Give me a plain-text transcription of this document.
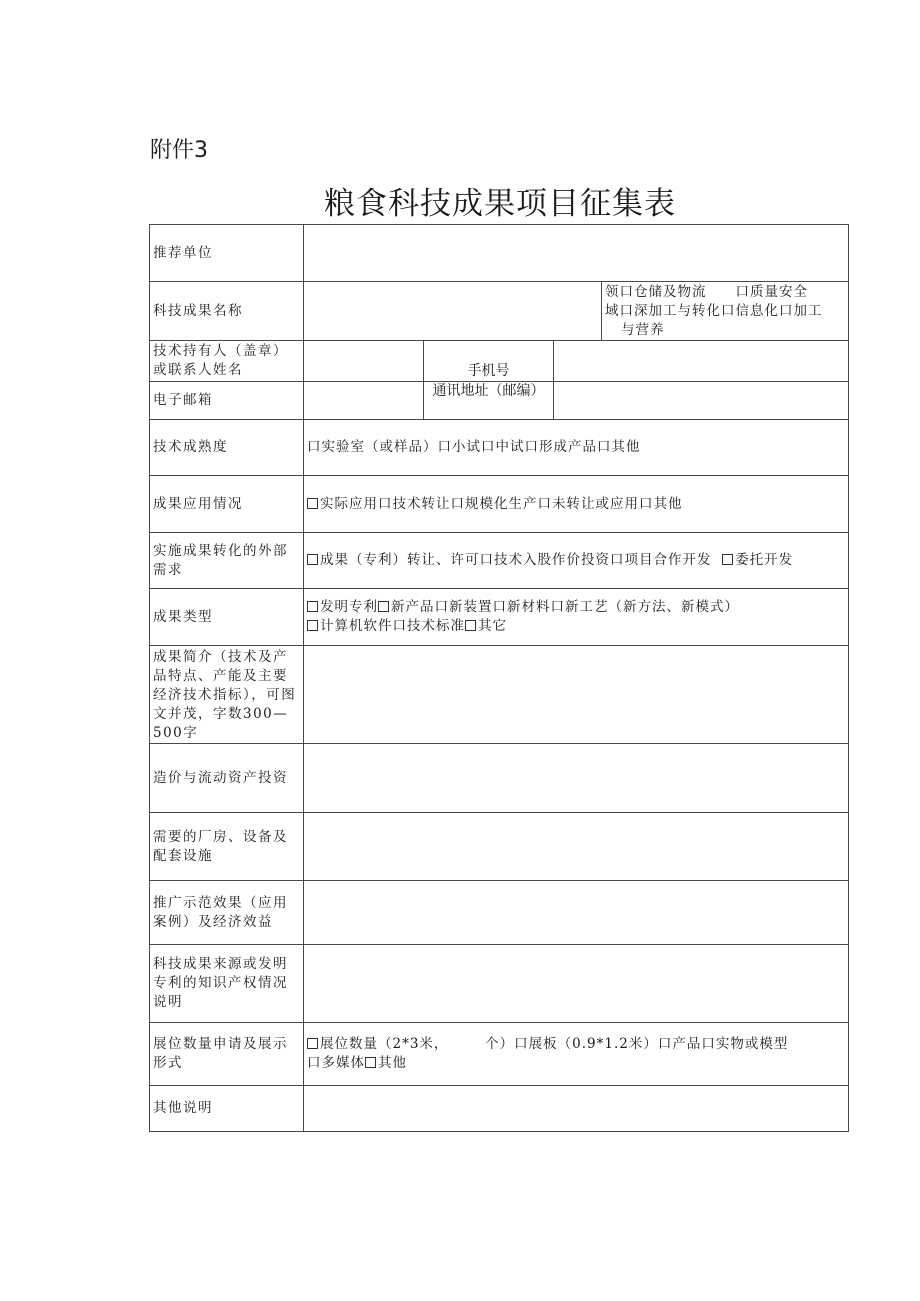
附件3
粮食科技成果项目征集表
推荐单位				
科技成果名称				领口仓储及物流　　口质量安全
域口深加工与转化口信息化口加工
与营养

技术持有人（盖章）或联系人姓名		手机号		
电子邮箱		通讯地址（邮编）		

技术成熟度	口实验室（或样品）口小试口中试口形成产品口其他			
成果应用情况	实际应用口技术转让口规模化生产口未转让或应用口其他			
实施成果转化的外部需求	成果（专利）转让、许可口技术入股作价投资口项目合作开发 委托开发			
成果类型	发明专利 新产品口新装置口新材料口新工艺（新方法、新模式）
计算机软件口技术标准 其它			

成果简介（技术及产品特点、产能及主要经济技术指标），可图文并茂，字数300—500字				
造价与流动资产投资				
需要的厂房、设备及配套设施				
推广示范效果（应用案例）及经济效益				
科技成果来源或发明专利的知识产权情况说明				
展位数量申请及展示形式	展位数量（2*3米，　　　个）口展板（0.9*1.2米）口产品口实物或模型
口多媒体 其他			

其他说明				
